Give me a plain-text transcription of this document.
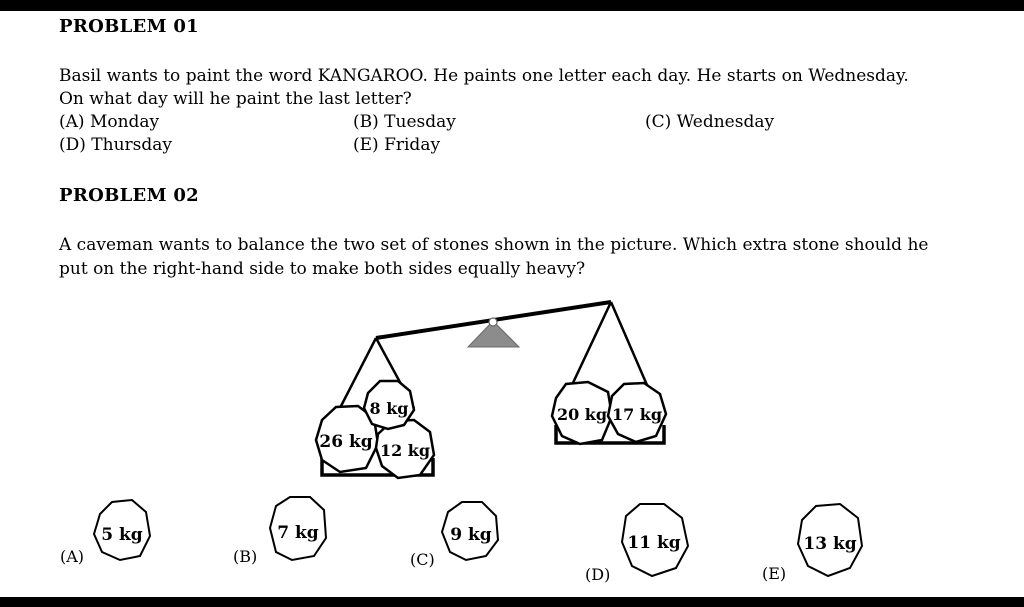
PROBLEM 01
Basil wants to paint the word KANGAROO. He paints one letter each day. He starts on Wednesday.
On what day will he paint the last letter?
(A) Monday	(B) Tuesday	(C) Wednesday
(D) Thursday	(E) Friday
PROBLEM 02
A caveman wants to balance the two set of stones shown in the picture. Which extra stone should he
put on the right-hand side to make both sides equally heavy?
26 kg 12 kg
8 kg	20 kg 17 kg
5 kg	7 kg	9 kg	11 kg	13 kg
(A)	(B)	(C)
(D)	(E)
